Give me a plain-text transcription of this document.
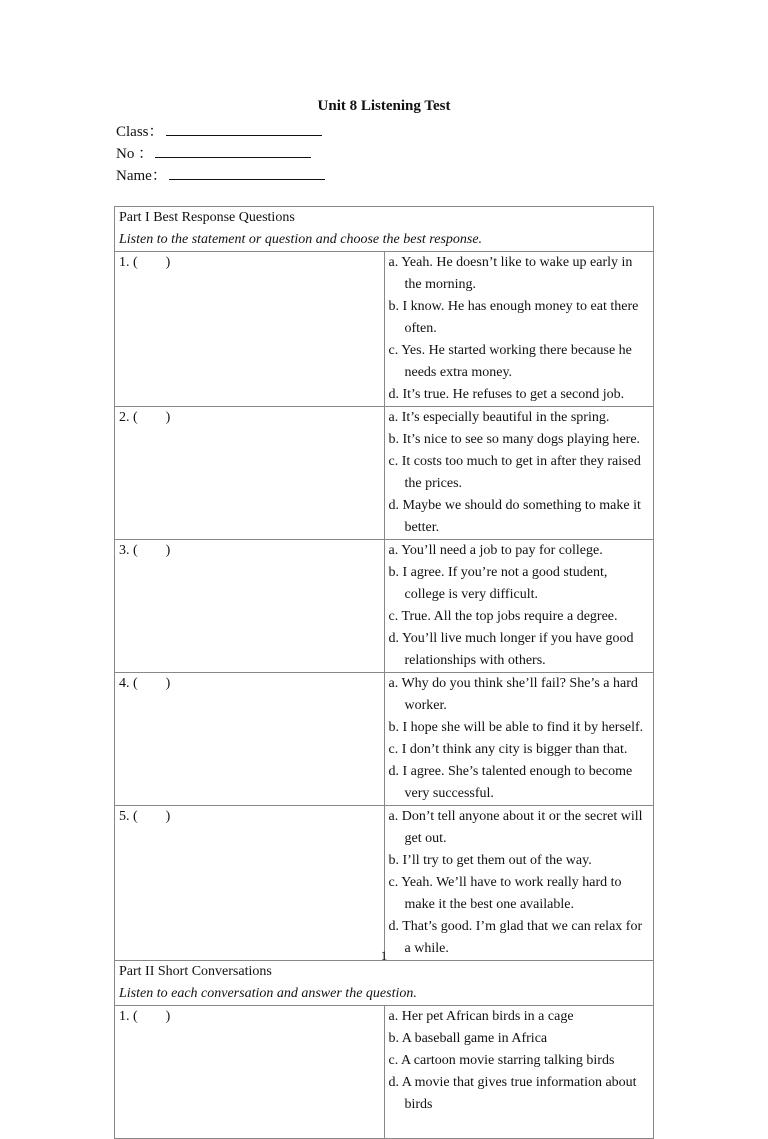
Unit 8 Listening Test
Class：
No ：
Name：
Part I Best Response Questions
Listen to the statement or question and choose the best response.	

1. (        )	a. Yeah. He doesn’t like to wake up early in the morning.
b. I know. He has enough money to eat there often.
c. Yes. He started working there because he needs extra money.
d. It’s true. He refuses to get a second job.

2. (        )	a. It’s especially beautiful in the spring.
b. It’s nice to see so many dogs playing here.
c. It costs too much to get in after they raised the prices.
d. Maybe we should do something to make it better.

3. (        )	a. You’ll need a job to pay for college.
b. I agree. If you’re not a good student, college is very difficult.
c. True. All the top jobs require a degree.
d. You’ll live much longer if you have good relationships with others.

4. (        )	a. Why do you think she’ll fail? She’s a hard worker.
b. I hope she will be able to find it by herself.
c. I don’t think any city is bigger than that.
d. I agree. She’s talented enough to become very successful.

5. (        )	a. Don’t tell anyone about it or the secret will get out.
b. I’ll try to get them out of the way.
c. Yeah. We’ll have to work really hard to make it the best one available.
d. That’s good. I’m glad that we can relax for a while.

Part II Short Conversations
Listen to each conversation and answer the question.	

1. (        )	a. Her pet African birds in a cage
b. A baseball game in Africa
c. A cartoon movie starring talking birds
d. A movie that gives true information about birds
1
